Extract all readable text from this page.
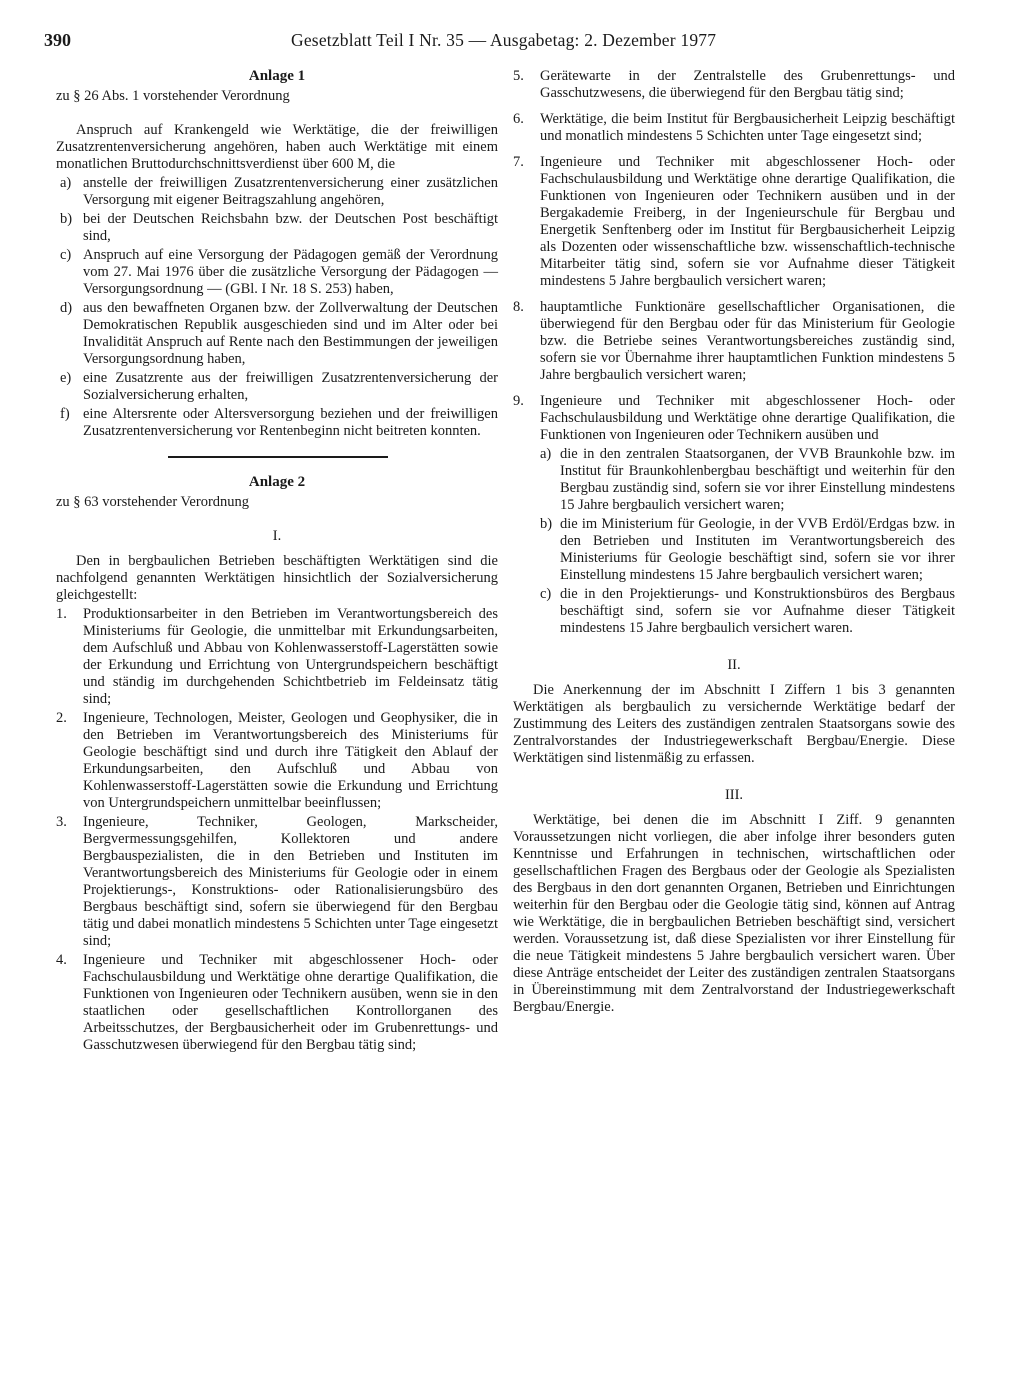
390	Gesetzblatt Teil I Nr. 35 — Ausgabetag: 2. Dezember 1977
Anlage 1
zu § 26 Abs. 1 vorstehender Verordnung

Anspruch auf Krankengeld wie Werktätige, die der freiwilligen Zusatzrentenversicherung angehören, haben auch Werktätige mit einem monatlichen Bruttodurchschnittsverdienst über 600 M, die

a) anstelle der freiwilligen Zusatzrentenversicherung einer zusätzlichen Versorgung mit eigener Beitragszahlung angehören,
b) bei der Deutschen Reichsbahn bzw. der Deutschen Post beschäftigt sind,
c) Anspruch auf eine Versorgung der Pädagogen gemäß der Verordnung vom 27. Mai 1976 über die zusätzliche Versorgung der Pädagogen — Versorgungsordnung — (GBl. I Nr. 18 S. 253) haben,
d) aus den bewaffneten Organen bzw. der Zollverwaltung der Deutschen Demokratischen Republik ausgeschieden sind und im Alter oder bei Invalidität Anspruch auf Rente nach den Bestimmungen der jeweiligen Versorgungsordnung haben,
e) eine Zusatzrente aus der freiwilligen Zusatzrentenversicherung der Sozialversicherung erhalten,
f) eine Altersrente oder Altersversorgung beziehen und der freiwilligen Zusatzrentenversicherung vor Rentenbeginn nicht beitreten konnten.
Anlage 2
zu § 63 vorstehender Verordnung
I.

Den in bergbaulichen Betrieben beschäftigten Werktätigen sind die nachfolgend genannten Werktätigen hinsichtlich der Sozialversicherung gleichgestellt:

1. Produktionsarbeiter in den Betrieben im Verantwortungsbereich des Ministeriums für Geologie, die unmittelbar mit Erkundungsarbeiten, dem Aufschluß und Abbau von Kohlenwasserstoff-Lagerstätten sowie der Erkundung und Errichtung von Untergrundspeichern beschäftigt und ständig im durchgehenden Schichtbetrieb im Feldeinsatz tätig sind;
2. Ingenieure, Technologen, Meister, Geologen und Geophysiker, die in den Betrieben im Verantwortungsbereich des Ministeriums für Geologie beschäftigt sind und durch ihre Tätigkeit den Ablauf der Erkundungsarbeiten, den Aufschluß und Abbau von Kohlenwasserstoff-Lagerstätten sowie die Erkundung und Errichtung von Untergrundspeichern unmittelbar beeinflussen;
3. Ingenieure, Techniker, Geologen, Markscheider, Bergvermessungsgehilfen, Kollektoren und andere Bergbauspezialisten, die in den Betrieben und Instituten im Verantwortungsbereich des Ministeriums für Geologie oder in einem Projektierungs-, Konstruktions- oder Rationalisierungsbüro des Bergbaus beschäftigt sind, sofern sie überwiegend für den Bergbau tätig und dabei monatlich mindestens 5 Schichten unter Tage eingesetzt sind;
4. Ingenieure und Techniker mit abgeschlossener Hoch- oder Fachschulausbildung und Werktätige ohne derartige Qualifikation, die Funktionen von Ingenieuren oder Technikern ausüben, wenn sie in den staatlichen oder gesellschaftlichen Kontrollorganen des Arbeitsschutzes, der Bergbausicherheit oder im Grubenrettungs- und Gasschutzwesen überwiegend für den Bergbau tätig sind;
5. Gerätewarte in der Zentralstelle des Grubenrettungs- und Gasschutzwesens, die überwiegend für den Bergbau tätig sind;
6. Werktätige, die beim Institut für Bergbausicherheit Leipzig beschäftigt und monatlich mindestens 5 Schichten unter Tage eingesetzt sind;
7. Ingenieure und Techniker mit abgeschlossener Hoch- oder Fachschulausbildung und Werktätige ohne derartige Qualifikation, die Funktionen von Ingenieuren oder Technikern ausüben und in der Bergakademie Freiberg, in der Ingenieurschule für Bergbau und Energetik Senftenberg oder im Institut für Bergbausicherheit Leipzig als Dozenten oder wissenschaftliche bzw. wissenschaftlich-technische Mitarbeiter tätig sind, sofern sie vor Aufnahme dieser Tätigkeit mindestens 5 Jahre bergbaulich versichert waren;
8. hauptamtliche Funktionäre gesellschaftlicher Organisationen, die überwiegend für den Bergbau oder für das Ministerium für Geologie bzw. die Betriebe seines Verantwortungsbereiches zuständig sind, sofern sie vor Übernahme ihrer hauptamtlichen Funktion mindestens 5 Jahre bergbaulich versichert waren;
9. Ingenieure und Techniker mit abgeschlossener Hoch- oder Fachschulausbildung und Werktätige ohne derartige Qualifikation, die Funktionen von Ingenieuren oder Technikern ausüben und
a) die in den zentralen Staatsorganen, der VVB Braunkohle bzw. im Institut für Braunkohlenbergbau beschäftigt und weiterhin für den Bergbau zuständig sind, sofern sie vor ihrer Einstellung mindestens 15 Jahre bergbaulich versichert waren;
b) die im Ministerium für Geologie, in der VVB Erdöl/Erdgas bzw. in den Betrieben und Instituten im Verantwortungsbereich des Ministeriums für Geologie beschäftigt sind, sofern sie vor ihrer Einstellung mindestens 15 Jahre bergbaulich versichert waren;
c) die in den Projektierungs- und Konstruktionsbüros des Bergbaus beschäftigt sind, sofern sie vor Aufnahme dieser Tätigkeit mindestens 15 Jahre bergbaulich versichert waren.
II.

Die Anerkennung der im Abschnitt I Ziffern 1 bis 3 genannten Werktätigen als bergbaulich zu versichernde Werktätige bedarf der Zustimmung des Leiters des zuständigen zentralen Staatsorgans sowie des Zentralvorstandes der Industriegewerkschaft Bergbau/Energie. Diese Werktätigen sind listenmäßig zu erfassen.

III.

Werktätige, bei denen die im Abschnitt I Ziff. 9 genannten Voraussetzungen nicht vorliegen, die aber infolge ihrer besonders guten Kenntnisse und Erfahrungen in technischen, wirtschaftlichen oder gesellschaftlichen Fragen des Bergbaus oder der Geologie als Spezialisten des Bergbaus in den dort genannten Organen, Betrieben und Einrichtungen weiterhin für den Bergbau oder die Geologie tätig sind, können auf Antrag wie Werktätige, die in bergbaulichen Betrieben beschäftigt sind, versichert werden. Voraussetzung ist, daß diese Spezialisten vor ihrer Einstellung für die neue Tätigkeit mindestens 5 Jahre bergbaulich versichert waren. Über diese Anträge entscheidet der Leiter des zuständigen zentralen Staatsorgans in Übereinstimmung mit dem Zentralvorstand der Industriegewerkschaft Bergbau/Energie.
